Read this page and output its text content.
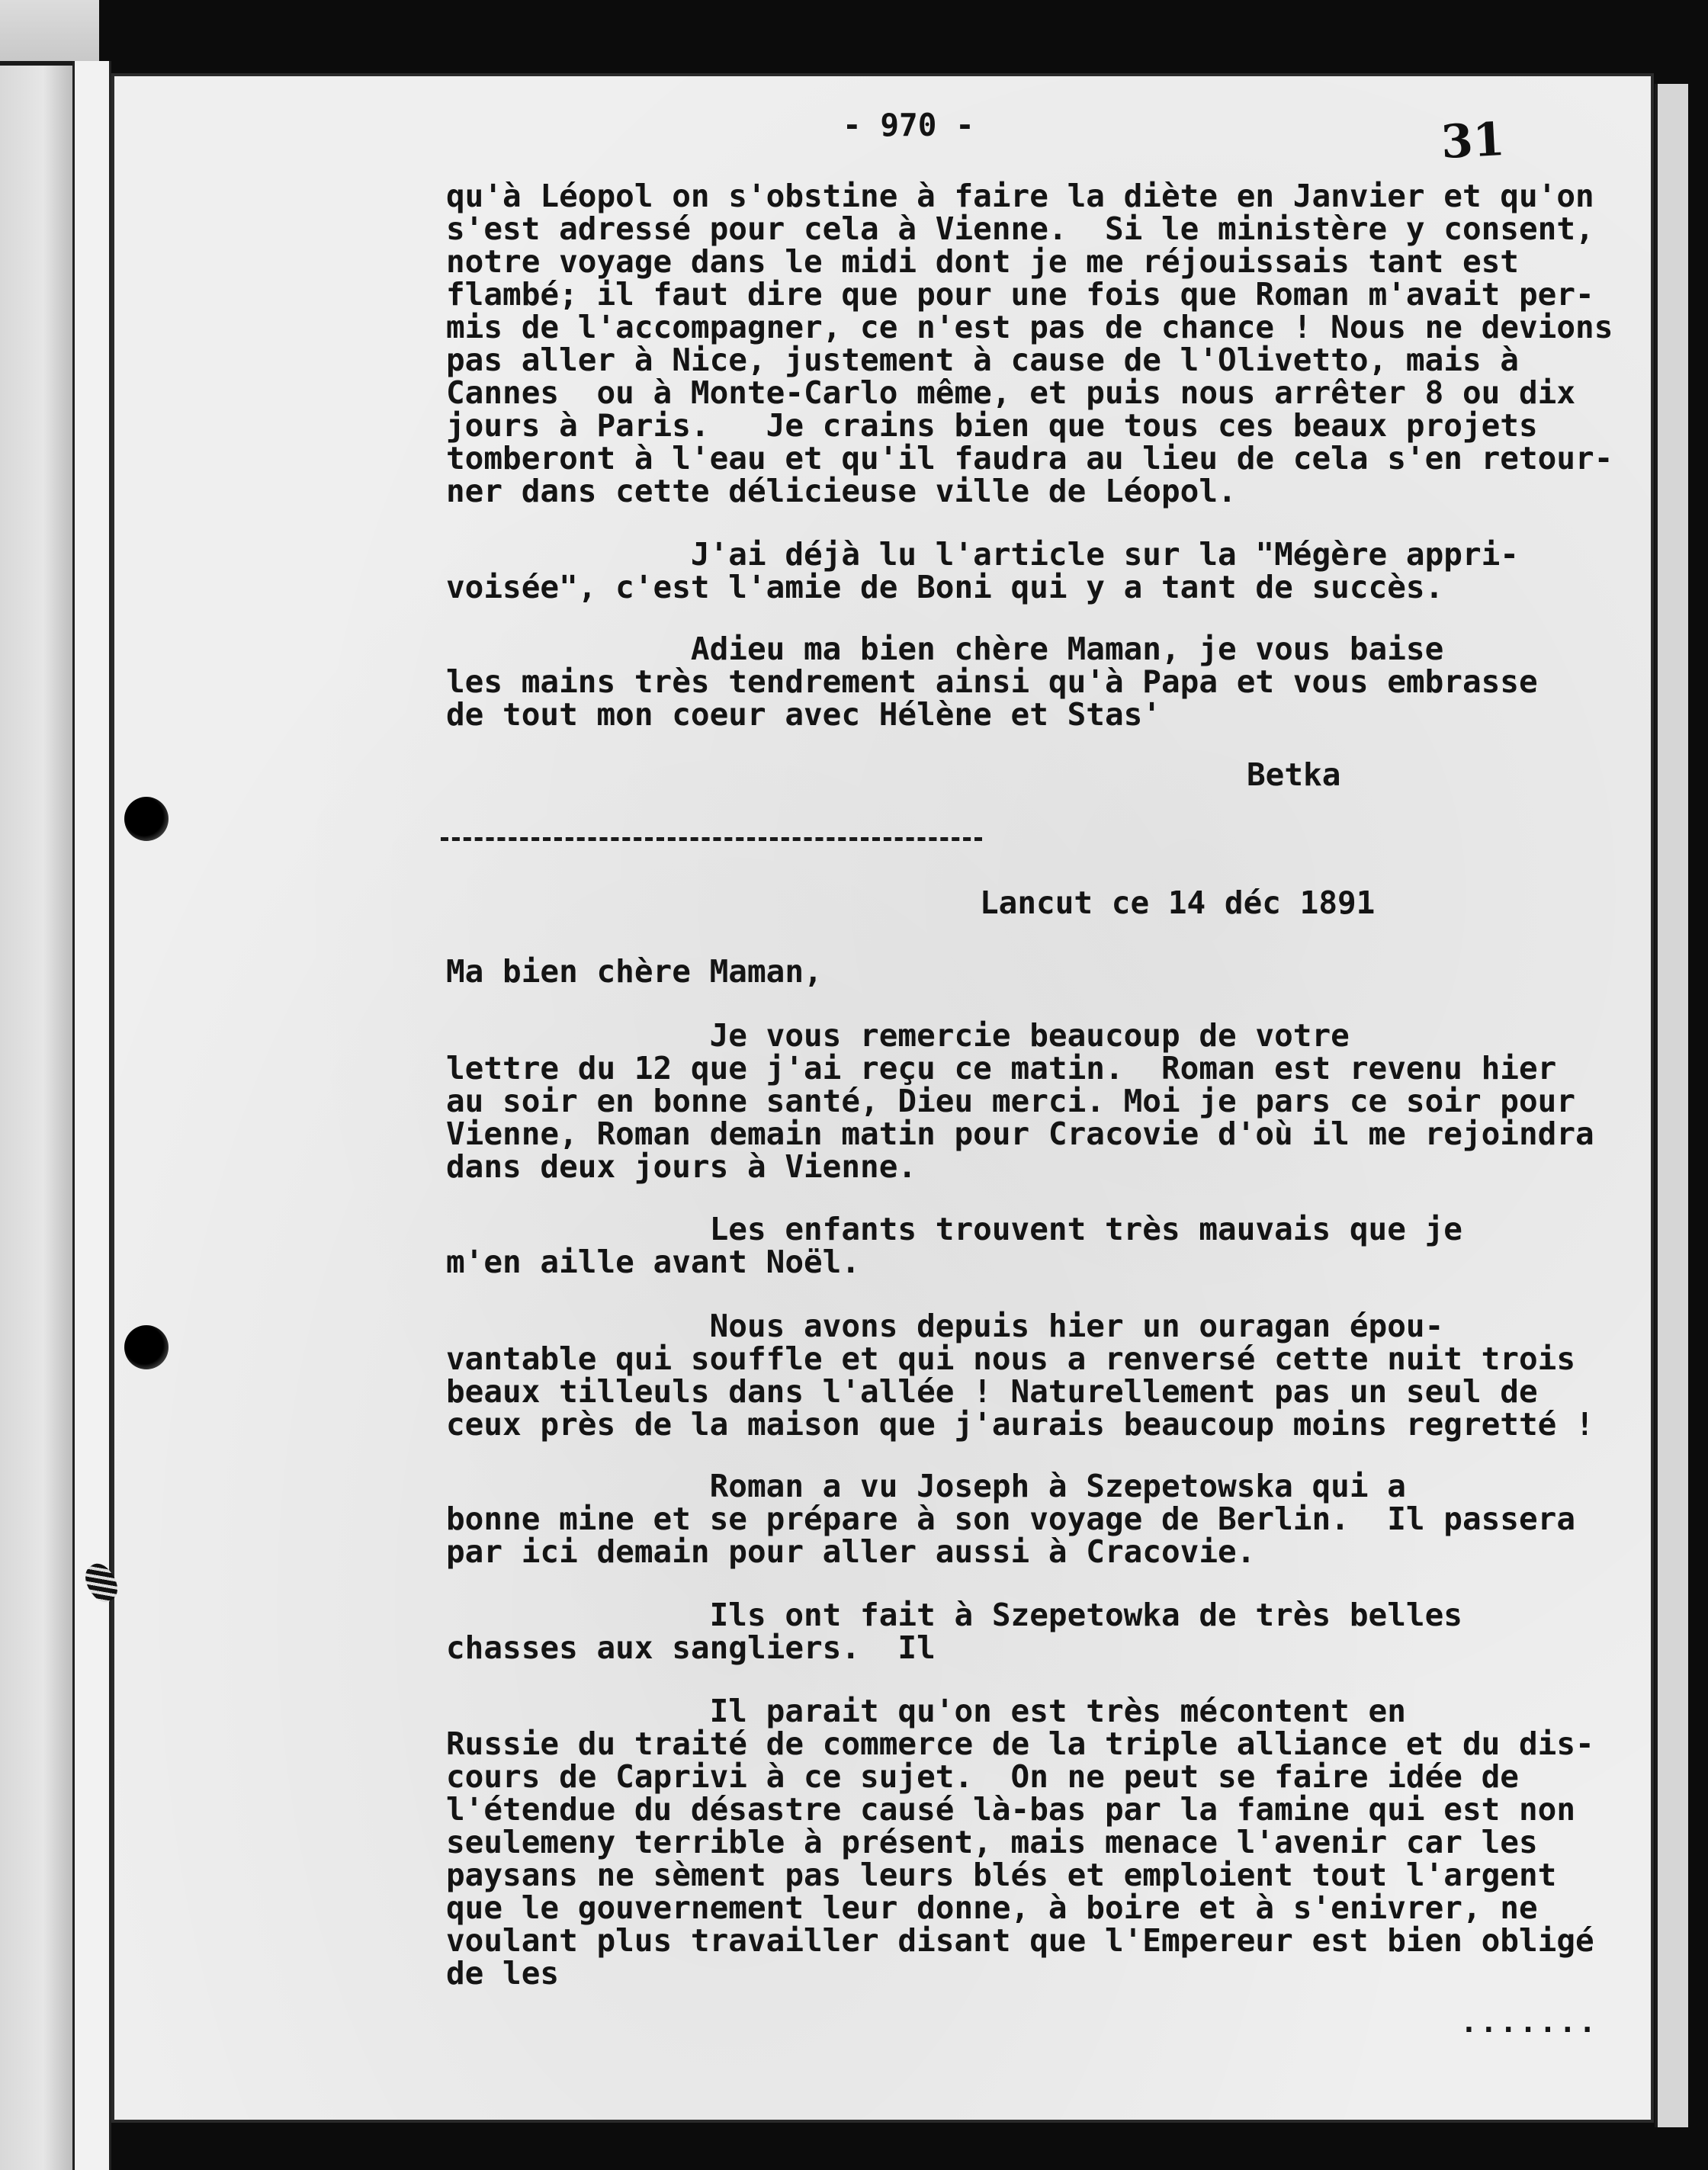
- 970 -	31
qu'à Léopol on s'obstine à faire la diète en Janvier et qu'on
s'est adressé pour cela à Vienne.  Si le ministère y consent,
notre voyage dans le midi dont je me réjouissais tant est
flambé; il faut dire que pour une fois que Roman m'avait per-
mis de l'accompagner, ce n'est pas de chance ! Nous ne devions
pas aller à Nice, justement à cause de l'Olivetto, mais à
Cannes  ou à Monte-Carlo même, et puis nous arrêter 8 ou dix
jours à Paris.   Je crains bien que tous ces beaux projets
tomberont à l'eau et qu'il faudra au lieu de cela s'en retour-
ner dans cette délicieuse ville de Léopol.
J'ai déjà lu l'article sur la "Mégère appri-
voisée", c'est l'amie de Boni qui y a tant de succès.
Adieu ma bien chère Maman, je vous baise
les mains très tendrement ainsi qu'à Papa et vous embrasse
de tout mon coeur avec Hélène et Stas'
Betka
Lancut ce 14 déc 1891
Ma bien chère Maman,
Je vous remercie beaucoup de votre
lettre du 12 que j'ai reçu ce matin.  Roman est revenu hier
au soir en bonne santé, Dieu merci. Moi je pars ce soir pour
Vienne, Roman demain matin pour Cracovie d'où il me rejoindra
dans deux jours à Vienne.
Les enfants trouvent très mauvais que je
m'en aille avant Noël.
Nous avons depuis hier un ouragan épou-
vantable qui souffle et qui nous a renversé cette nuit trois
beaux tilleuls dans l'allée ! Naturellement pas un seul de
ceux près de la maison que j'aurais beaucoup moins regretté !
Roman a vu Joseph à Szepetowska qui a
bonne mine et se prépare à son voyage de Berlin.  Il passera
par ici demain pour aller aussi à Cracovie.
Ils ont fait à Szepetowka de très belles
chasses aux sangliers.  Il
Il parait qu'on est très mécontent en
Russie du traité de commerce de la triple alliance et du dis-
cours de Caprivi à ce sujet.  On ne peut se faire idée de
l'étendue du désastre causé là-bas par la famine qui est non
seulemeny terrible à présent, mais menace l'avenir car les
paysans ne sèment pas leurs blés et emploient tout l'argent
que le gouvernement leur donne, à boire et à s'enivrer, ne
voulant plus travailler disant que l'Empereur est bien obligé
de les
.......
